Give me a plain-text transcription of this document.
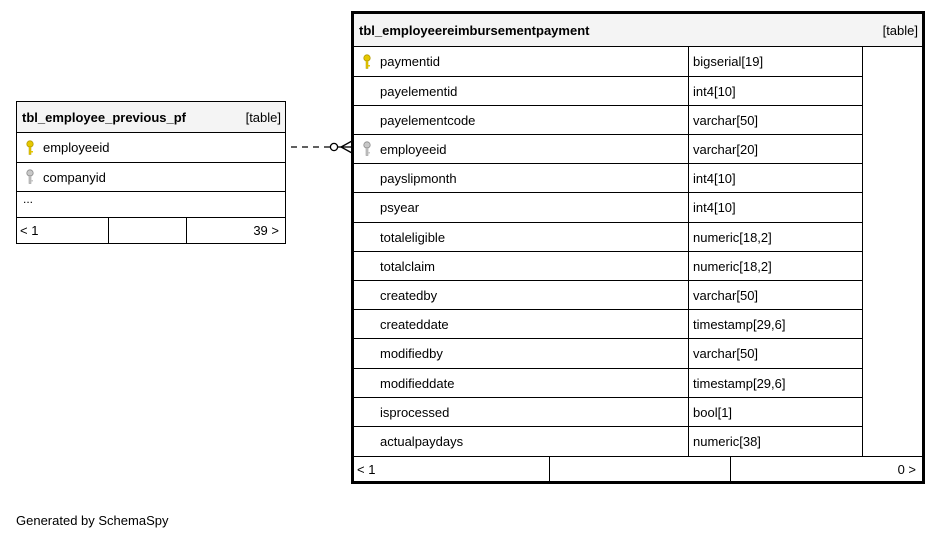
tbl_employee_previous_pf	[table]
employeeid
companyid
...
< 1	39 >
tbl_employeereimbursementpayment	[table]
paymentid	bigserial[19]
payelementid	int4[10]
payelementcode	varchar[50]
employeeid	varchar[20]
payslipmonth	int4[10]
psyear	int4[10]
totaleligible	numeric[18,2]
totalclaim	numeric[18,2]
createdby	varchar[50]
createddate	timestamp[29,6]
modifiedby	varchar[50]
modifieddate	timestamp[29,6]
isprocessed	bool[1]
actualpaydays	numeric[38]
< 1	0 >
Generated by SchemaSpy
